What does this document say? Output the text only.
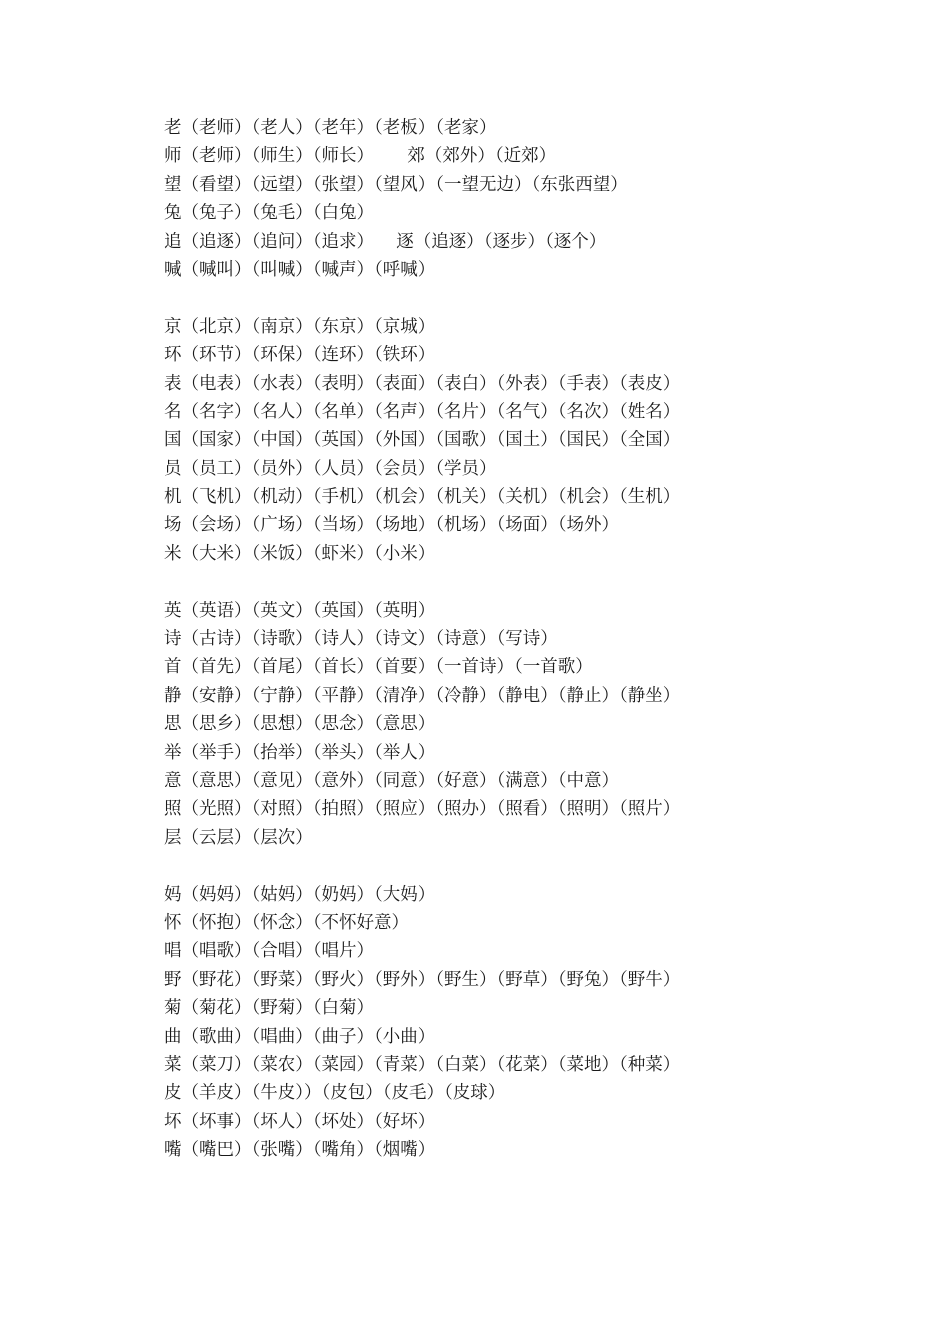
老（老师）（老人）（老年）（老板）（老家）
师（老师）（师生）（师长）      郊（郊外）（近郊）
望（看望）（远望）（张望）（望风）（一望无边）（东张西望）
兔（兔子）（兔毛）（白兔）
追（追逐）（追问）（追求）    逐（追逐）（逐步）（逐个）
喊（喊叫）（叫喊）（喊声）（呼喊）
京（北京）（南京）（东京）（京城）
环（环节）（环保）（连环）（铁环）
表（电表）（水表）（表明）（表面）（表白）（外表）（手表）（表皮）
名（名字）（名人）（名单）（名声）（名片）（名气）（名次）（姓名）
国（国家）（中国）（英国）（外国）（国歌）（国土）（国民）（全国）
员（员工）（员外）（人员）（会员）（学员）
机（飞机）（机动）（手机）（机会）（机关）（关机）（机会）（生机）
场（会场）（广场）（当场）（场地）（机场）（场面）（场外）
米（大米）（米饭）（虾米）（小米）
英（英语）（英文）（英国）（英明）
诗（古诗）（诗歌）（诗人）（诗文）（诗意）（写诗）
首（首先）（首尾）（首长）（首要）（一首诗）（一首歌）
静（安静）（宁静）（平静）（清净）（冷静）（静电）（静止）（静坐）
思（思乡）（思想）（思念）（意思）
举（举手）（抬举）（举头）（举人）
意（意思）（意见）（意外）（同意）（好意）（满意）（中意）
照（光照）（对照）（拍照）（照应）（照办）（照看）（照明）（照片）
层（云层）（层次）
妈（妈妈）（姑妈）（奶妈）（大妈）
怀（怀抱）（怀念）（不怀好意）
唱（唱歌）（合唱）（唱片）
野（野花）（野菜）（野火）（野外）（野生）（野草）（野兔）（野牛）
菊（菊花）（野菊）（白菊）
曲（歌曲）（唱曲）（曲子）（小曲）
菜（菜刀）（菜农）（菜园）（青菜）（白菜）（花菜）（菜地）（种菜）
皮（羊皮）（牛皮））（皮包）（皮毛）（皮球）
坏（坏事）（坏人）（坏处）（好坏）
嘴（嘴巴）（张嘴）（嘴角）（烟嘴）
